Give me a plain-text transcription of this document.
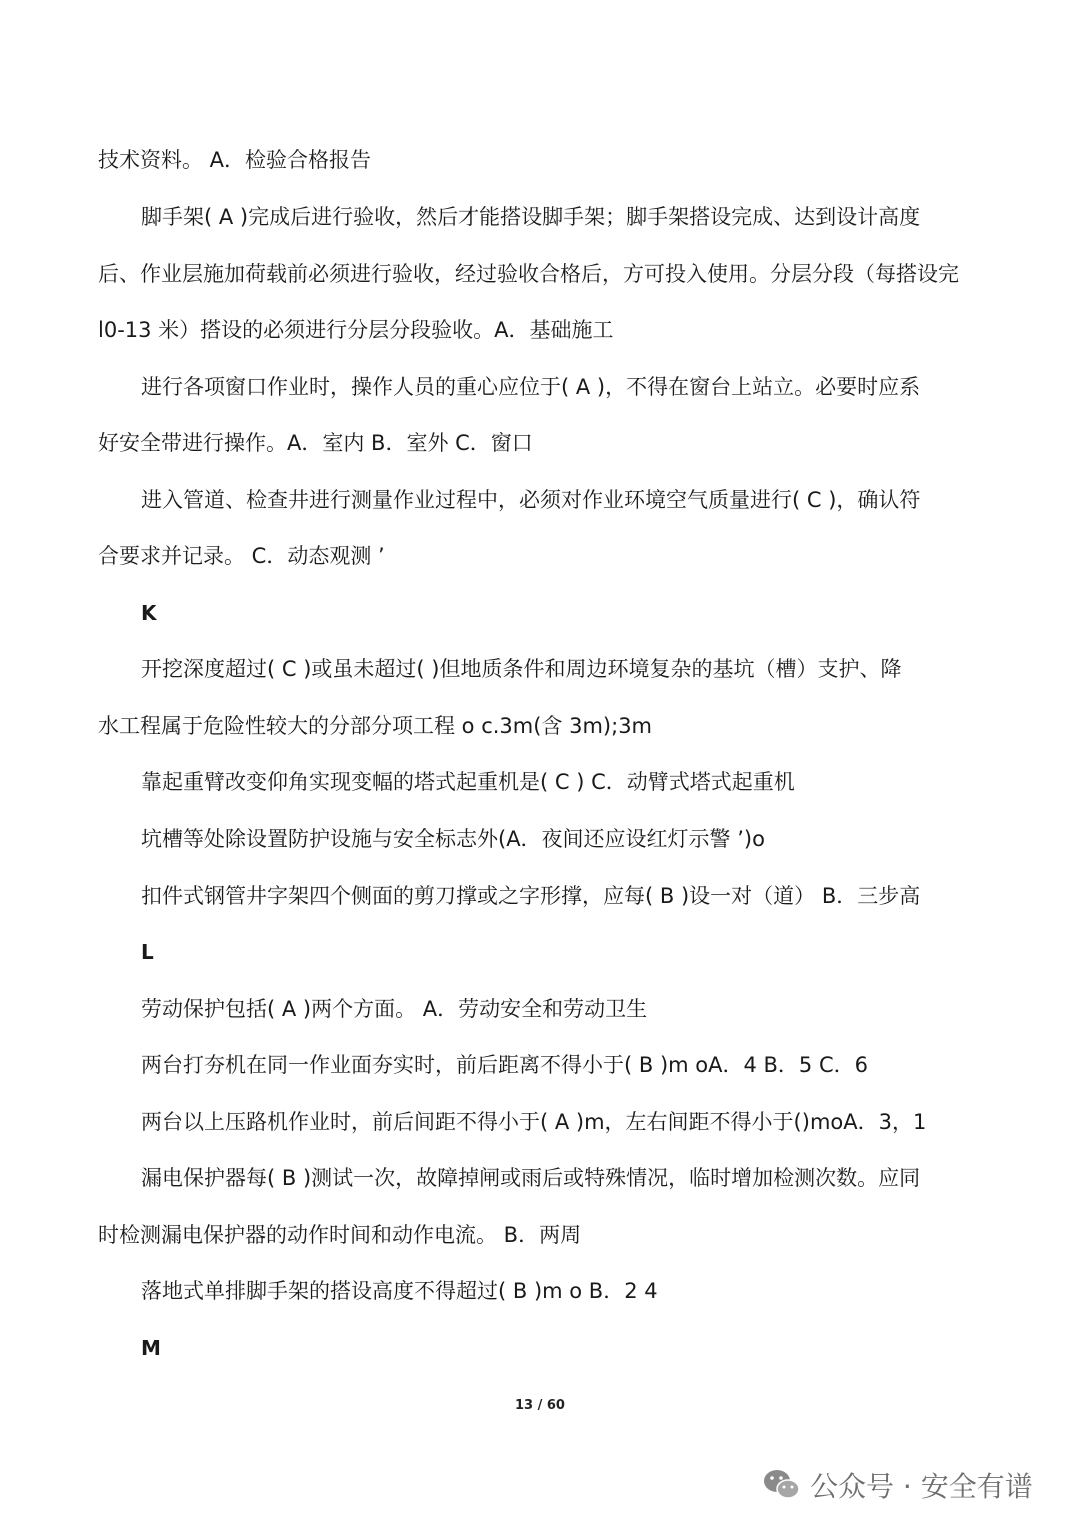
技术资料。 A．检验合格报告

脚手架( A )完成后进行验收，然后才能搭设脚手架；脚手架搭设完成、达到设计高度

后、作业层施加荷载前必须进行验收，经过验收合格后，方可投入使用。分层分段（每搭设完

l0-13 米）搭设的必须进行分层分段验收。A．基础施工

进行各项窗口作业时，操作人员的重心应位于( A )，不得在窗台上站立。必要时应系

好安全带进行操作。A．室内 B．室外 C．窗口

进入管道、检查井进行测量作业过程中，必须对作业环境空气质量进行( C )，确认符

合要求并记录。 C．动态观测 ’

K

开挖深度超过( C )或虽未超过( )但地质条件和周边环境复杂的基坑（槽）支护、降

水工程属于危险性较大的分部分项工程 o c.3m(含 3m);3m

靠起重臂改变仰角实现变幅的塔式起重机是( C ) C．动臂式塔式起重机

坑槽等处除设置防护设施与安全标志外(A．夜间还应设红灯示警 ’)o

扣件式钢管井字架四个侧面的剪刀撑或之字形撑，应每( B )设一对（道） B．三步高

L

劳动保护包括( A )两个方面。 A．劳动安全和劳动卫生

两台打夯机在同一作业面夯实时，前后距离不得小于( B )m oA．4 B．5 C．6

两台以上压路机作业时，前后间距不得小于( A )m，左右间距不得小于()moA．3，1

漏电保护器每( B )测试一次，故障掉闸或雨后或特殊情况，临时增加检测次数。应同

时检测漏电保护器的动作时间和动作电流。 B．两周

落地式单排脚手架的搭设高度不得超过( B )m o B．2 4

M

13 / 60
公众号 · 安全有谱
